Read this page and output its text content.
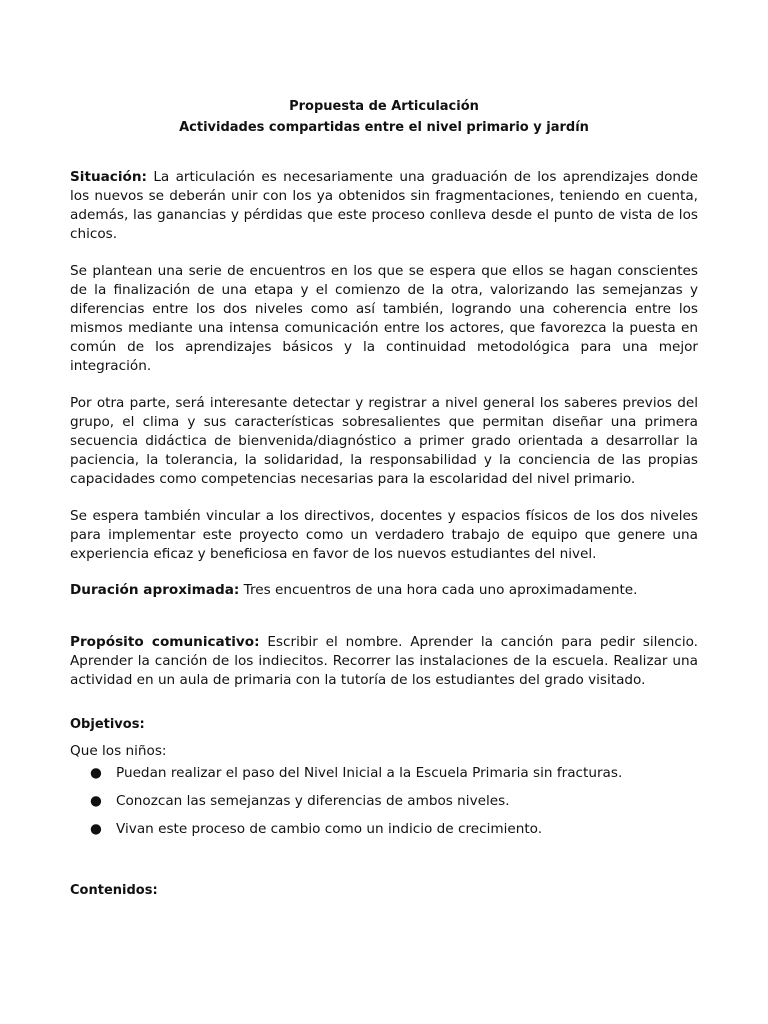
Propuesta de Articulación
Actividades compartidas entre el nivel primario y jardín

Situación: La articulación es necesariamente una graduación de los aprendizajes donde los nuevos se deberán unir con los ya obtenidos sin fragmentaciones, teniendo en cuenta, además, las ganancias y pérdidas que este proceso conlleva desde el punto de vista de los chicos.

Se plantean una serie de encuentros en los que se espera que ellos se hagan conscientes de la finalización de una etapa y el comienzo de la otra, valorizando las semejanzas y diferencias entre los dos niveles como así también, logrando una coherencia entre los mismos mediante una intensa comunicación entre los actores, que favorezca la puesta en común de los aprendizajes básicos y la continuidad metodológica para una mejor integración.

Por otra parte, será interesante detectar y registrar a nivel general los saberes previos del grupo, el clima y sus características sobresalientes que permitan diseñar una primera secuencia didáctica de bienvenida/diagnóstico a primer grado orientada a desarrollar la paciencia, la tolerancia, la solidaridad, la responsabilidad y la conciencia de las propias capacidades como competencias necesarias para la escolaridad del nivel primario.

Se espera también vincular a los directivos, docentes y espacios físicos de los dos niveles para implementar este proyecto como un verdadero trabajo de equipo que genere una experiencia eficaz y beneficiosa en favor de los nuevos estudiantes del nivel.

Duración aproximada: Tres encuentros de una hora cada uno aproximadamente.

Propósito comunicativo: Escribir el nombre. Aprender la canción para pedir silencio. Aprender la canción de los indiecitos. Recorrer las instalaciones de la escuela. Realizar una actividad en un aula de primaria con la tutoría de los estudiantes del grado visitado.

Objetivos:

Que los niños:

● Puedan realizar el paso del Nivel Inicial a la Escuela Primaria sin fracturas.
● Conozcan las semejanzas y diferencias de ambos niveles.
● Vivan este proceso de cambio como un indicio de crecimiento.
Contenidos:
